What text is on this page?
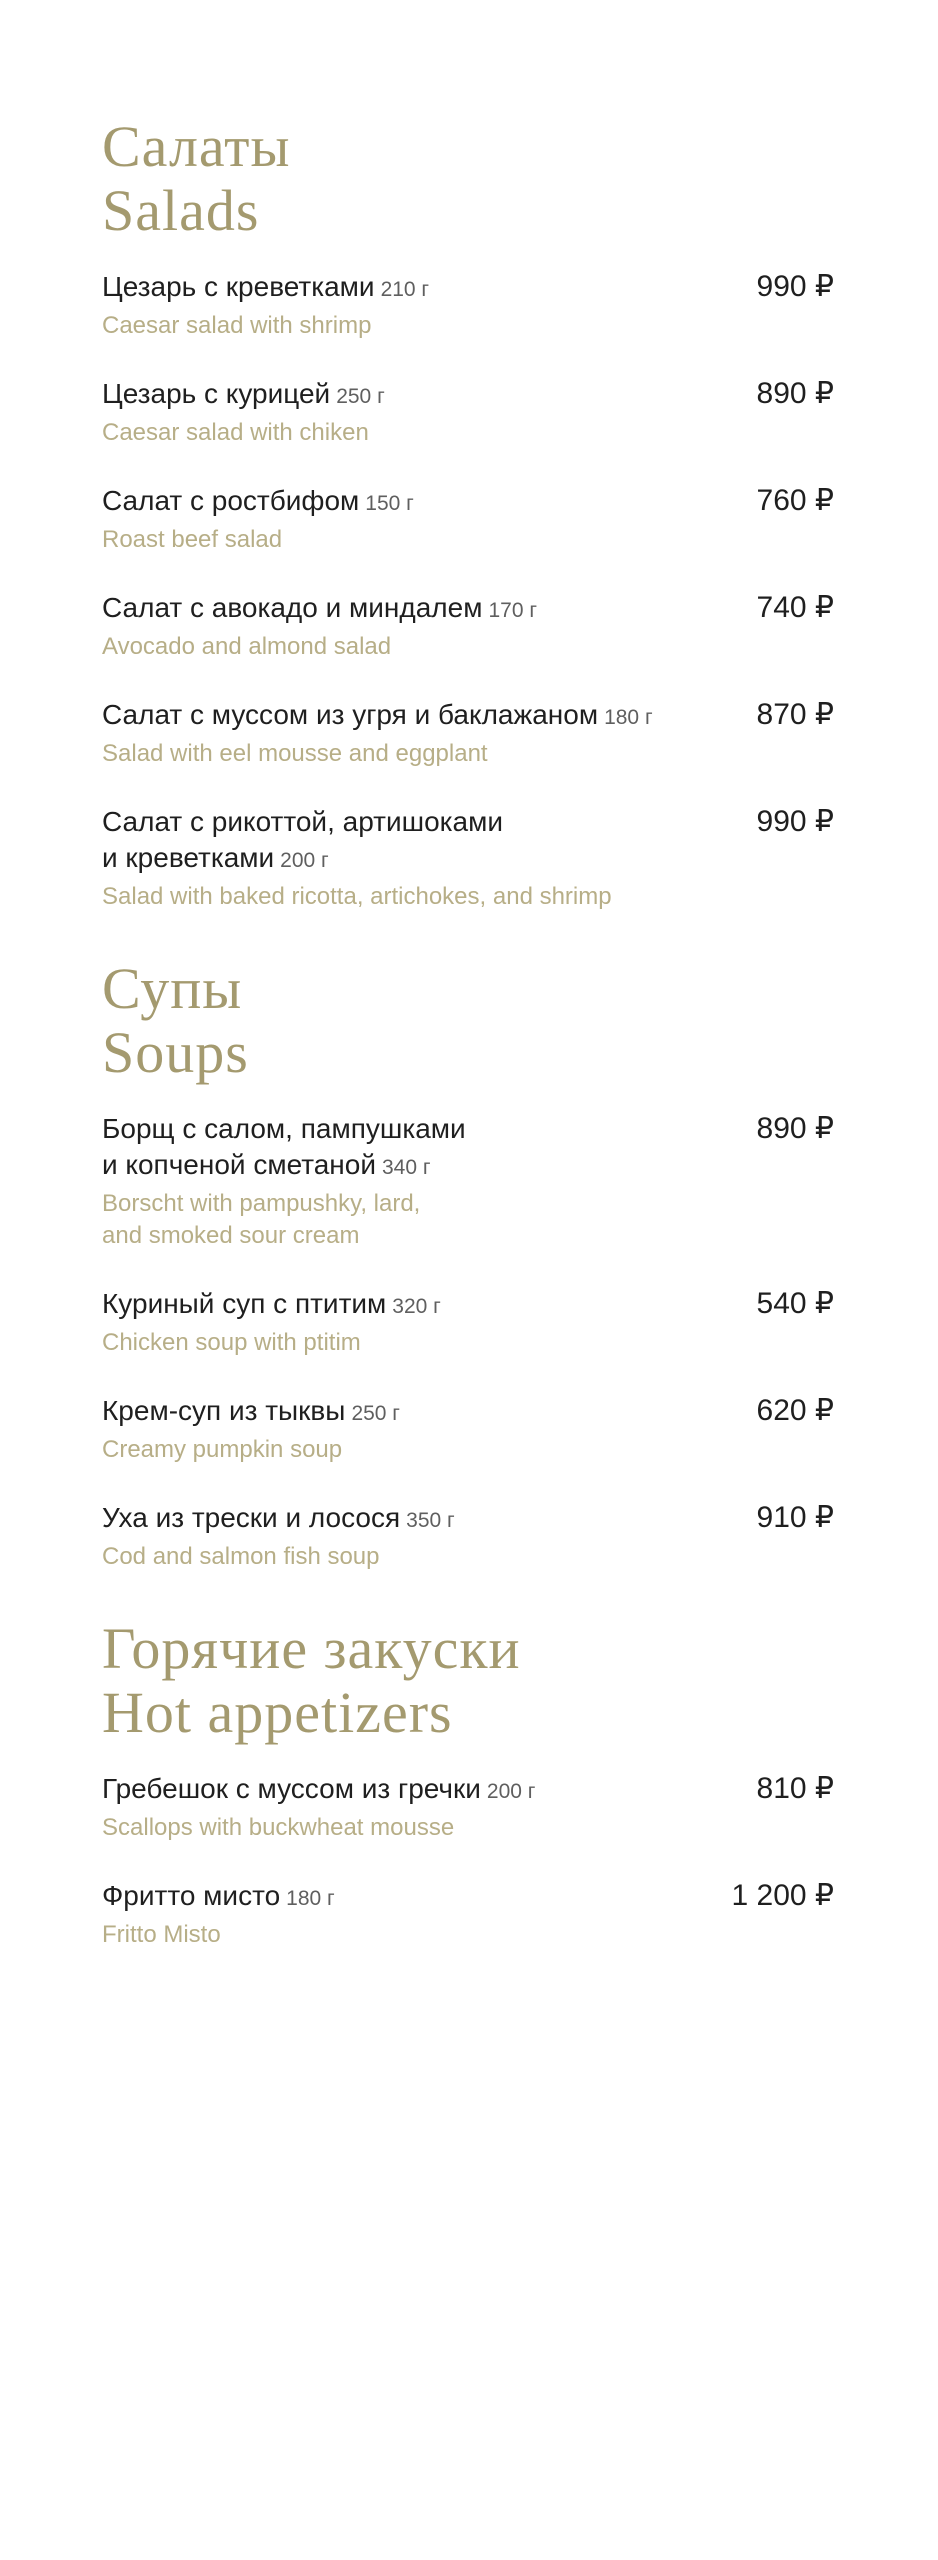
Салаты
Salads
Цезарь с креветками 210 г
Caesar salad with shrimp
990 ₽
Цезарь с курицей 250 г
Caesar salad with chiken
890 ₽
Салат с ростбифом 150 г
Roast beef salad
760 ₽
Салат с авокадо и миндалем 170 г
Avocado and almond salad
740 ₽
Салат с муссом из угря и баклажаном 180 г
Salad with eel mousse and eggplant
870 ₽
Салат с рикоттой, артишоками
и креветками 200 г
Salad with baked ricotta, artichokes, and shrimp
990 ₽
Супы
Soups
Борщ с салом, пампушками
и копченой сметаной 340 г
Borscht with pampushky, lard,
and smoked sour cream
890 ₽
Куриный суп с птитим 320 г
Chicken soup with ptitim
540 ₽
Крем-суп из тыквы 250 г
Creamy pumpkin soup
620 ₽
Уха из трески и лосося 350 г
Cod and salmon fish soup
910 ₽
Горячие закуски
Hot appetizers
Гребешок с муссом из гречки 200 г
Scallops with buckwheat mousse
810 ₽
Фритто мисто 180 г
Fritto Misto
1 200 ₽
